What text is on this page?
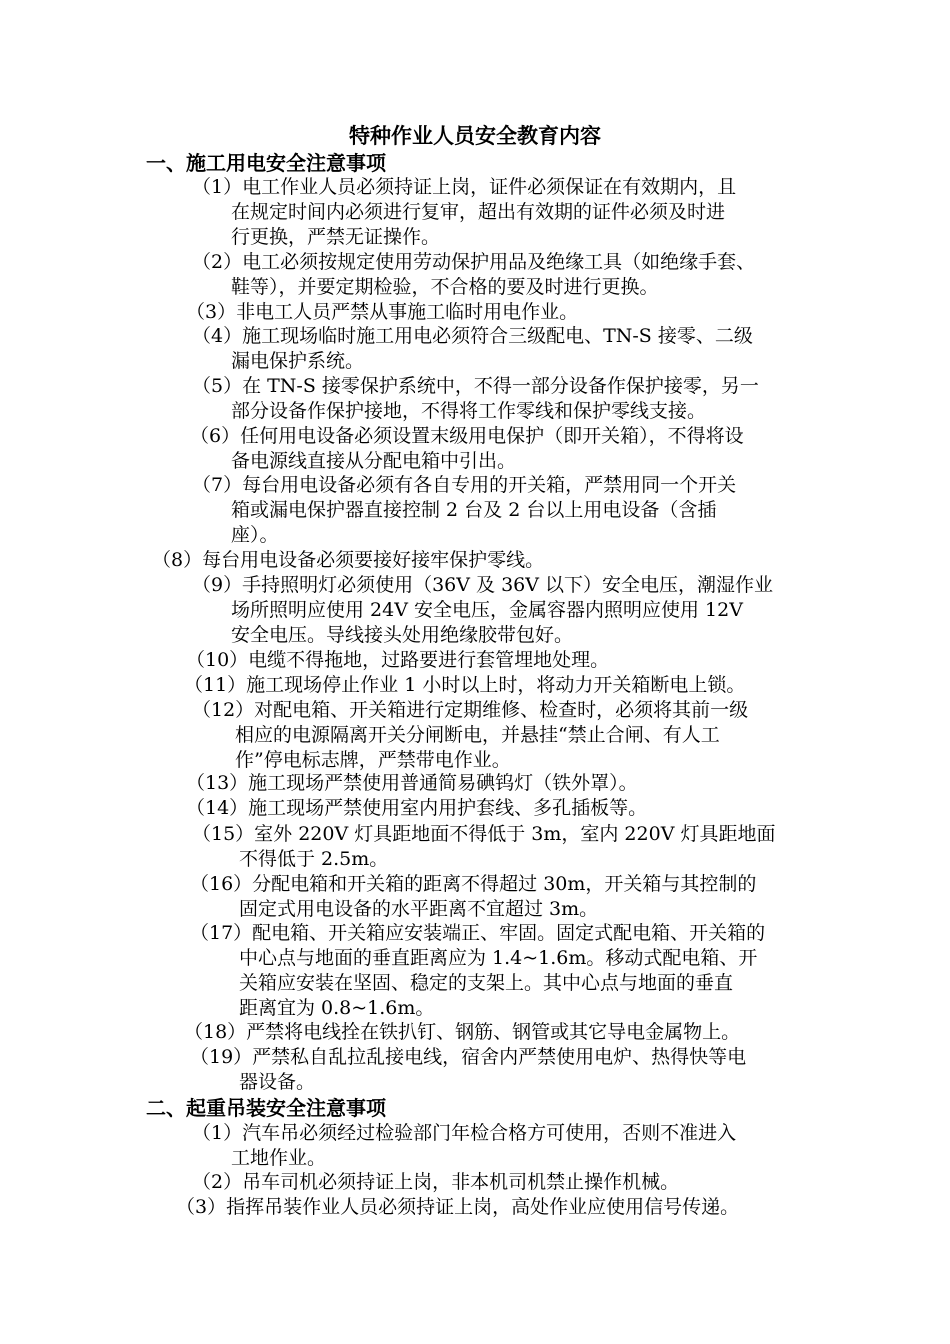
特种作业人员安全教育内容
一、施工用电安全注意事项
（1）电工作业人员必须持证上岗，证件必须保证在有效期内，且
在规定时间内必须进行复审，超出有效期的证件必须及时进
行更换，严禁无证操作。
（2）电工必须按规定使用劳动保护用品及绝缘工具（如绝缘手套、
鞋等），并要定期检验，不合格的要及时进行更换。
（3）非电工人员严禁从事施工临时用电作业。
（4）施工现场临时施工用电必须符合三级配电、TN-S 接零、二级
漏电保护系统。
（5）在 TN-S 接零保护系统中，不得一部分设备作保护接零，另一
部分设备作保护接地，不得将工作零线和保护零线支接。
（6）任何用电设备必须设置末级用电保护（即开关箱），不得将设
备电源线直接从分配电箱中引出。
（7）每台用电设备必须有各自专用的开关箱，严禁用同一个开关
箱或漏电保护器直接控制 2 台及 2 台以上用电设备（含插
座）。
（8）每台用电设备必须要接好接牢保护零线。
（9）手持照明灯必须使用（36V 及 36V 以下）安全电压，潮湿作业
场所照明应使用 24V 安全电压，金属容器内照明应使用 12V
安全电压。导线接头处用绝缘胶带包好。
（10）电缆不得拖地，过路要进行套管埋地处理。
（11）施工现场停止作业 1 小时以上时，将动力开关箱断电上锁。
（12）对配电箱、开关箱进行定期维修、检查时，必须将其前一级
相应的电源隔离开关分闸断电，并悬挂“禁止合闸、有人工
作”停电标志牌，严禁带电作业。
（13）施工现场严禁使用普通简易碘钨灯（铁外罩）。
（14）施工现场严禁使用室内用护套线、多孔插板等。
（15）室外 220V 灯具距地面不得低于 3m，室内 220V 灯具距地面
不得低于 2.5m。
（16）分配电箱和开关箱的距离不得超过 30m，开关箱与其控制的
固定式用电设备的水平距离不宜超过 3m。
（17）配电箱、开关箱应安装端正、牢固。固定式配电箱、开关箱的
中心点与地面的垂直距离应为 1.4~1.6m。移动式配电箱、开
关箱应安装在坚固、稳定的支架上。其中心点与地面的垂直
距离宜为 0.8~1.6m。
（18）严禁将电线拴在铁扒钉、钢筋、钢管或其它导电金属物上。
（19）严禁私自乱拉乱接电线，宿舍内严禁使用电炉、热得快等电
器设备。
二、起重吊装安全注意事项
（1）汽车吊必须经过检验部门年检合格方可使用，否则不准进入
工地作业。
（2）吊车司机必须持证上岗，非本机司机禁止操作机械。
（3）指挥吊装作业人员必须持证上岗，高处作业应使用信号传递。
